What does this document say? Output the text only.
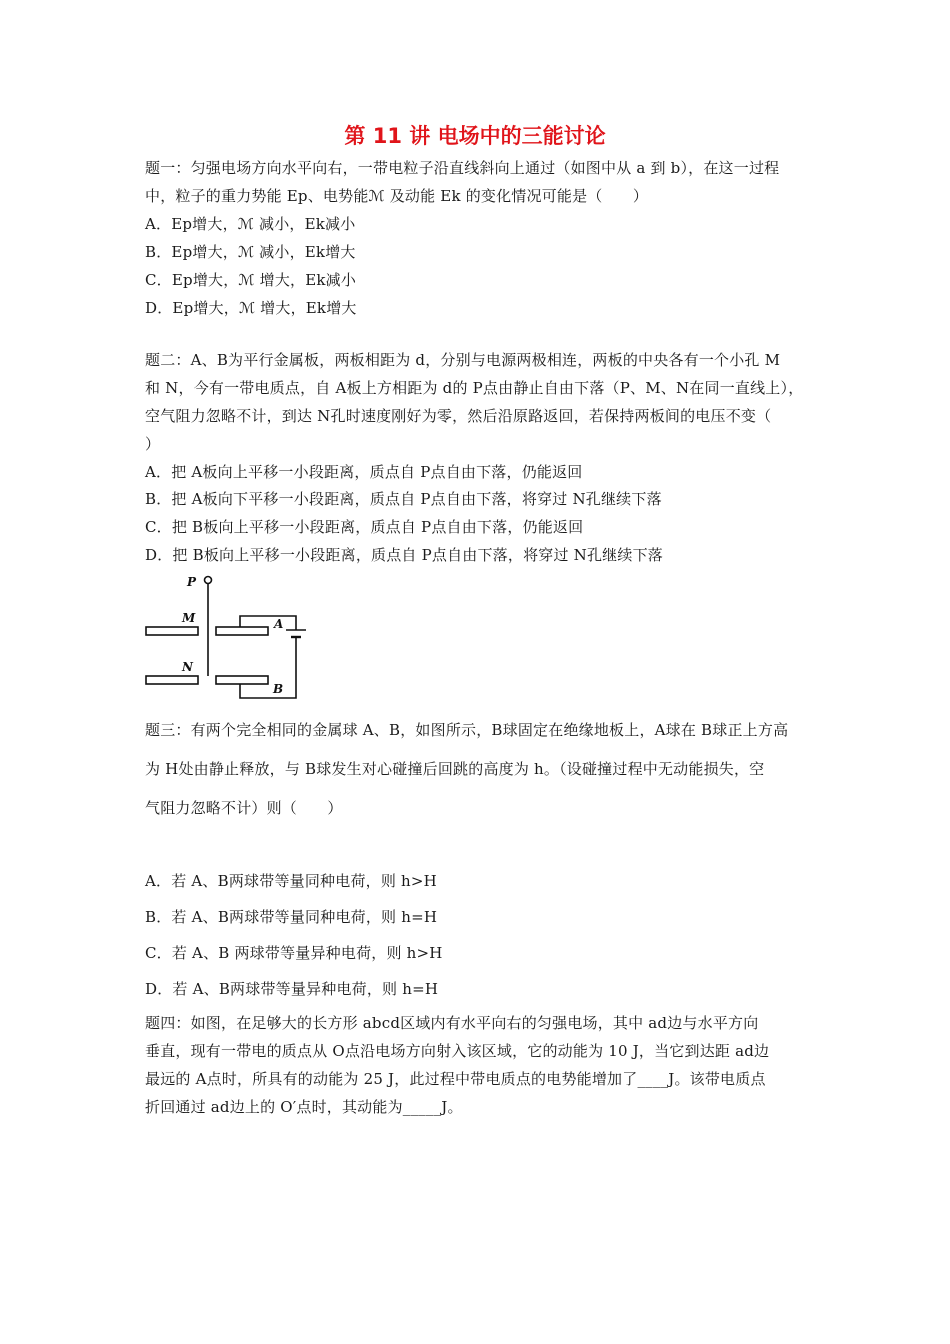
第 11 讲 电场中的三能讨论
题一：匀强电场方向水平向右，一带电粒子沿直线斜向上通过（如图中从 a 到 b），在这一过程
中，粒子的重力势能 Ep、电势能ℳ 及动能 Ek 的变化情况可能是（　　）
A．Ep增大，ℳ 减小，Ek减小
B．Ep增大，ℳ 减小，Ek增大
C．Ep增大，ℳ 增大，Ek减小
D．Ep增大，ℳ 增大，Ek增大
题二：A、B为平行金属板，两板相距为 d，分别与电源两极相连，两板的中央各有一个小孔 M
和 N，今有一带电质点，自 A板上方相距为 d的 P点由静止自由下落（P、M、N在同一直线上），
空气阻力忽略不计，到达 N孔时速度刚好为零，然后沿原路返回，若保持两板间的电压不变（
）
A．把 A板向上平移一小段距离，质点自 P点自由下落，仍能返回
B．把 A板向下平移一小段距离，质点自 P点自由下落，将穿过 N孔继续下落
C．把 B板向上平移一小段距离，质点自 P点自由下落，仍能返回
D．把 B板向上平移一小段距离，质点自 P点自由下落，将穿过 N孔继续下落
P
M	A
N
B
题三：有两个完全相同的金属球 A、B，如图所示，B球固定在绝缘地板上，A球在 B球正上方高
为 H处由静止释放，与 B球发生对心碰撞后回跳的高度为 h。（设碰撞过程中无动能损失，空
气阻力忽略不计）则（　　）
A．若 A、B两球带等量同种电荷，则 h>H
B．若 A、B两球带等量同种电荷，则 h=H
C．若 A、B 两球带等量异种电荷，则 h>H
D．若 A、B两球带等量异种电荷，则 h=H
题四：如图，在足够大的长方形 abcd区域内有水平向右的匀强电场，其中 ad边与水平方向
垂直，现有一带电的质点从 O点沿电场方向射入该区域，它的动能为 10 J，当它到达距 ad边
最远的 A点时，所具有的动能为 25 J，此过程中带电质点的电势能增加了____J。该带电质点
折回通过 ad边上的 O′点时，其动能为_____J。
